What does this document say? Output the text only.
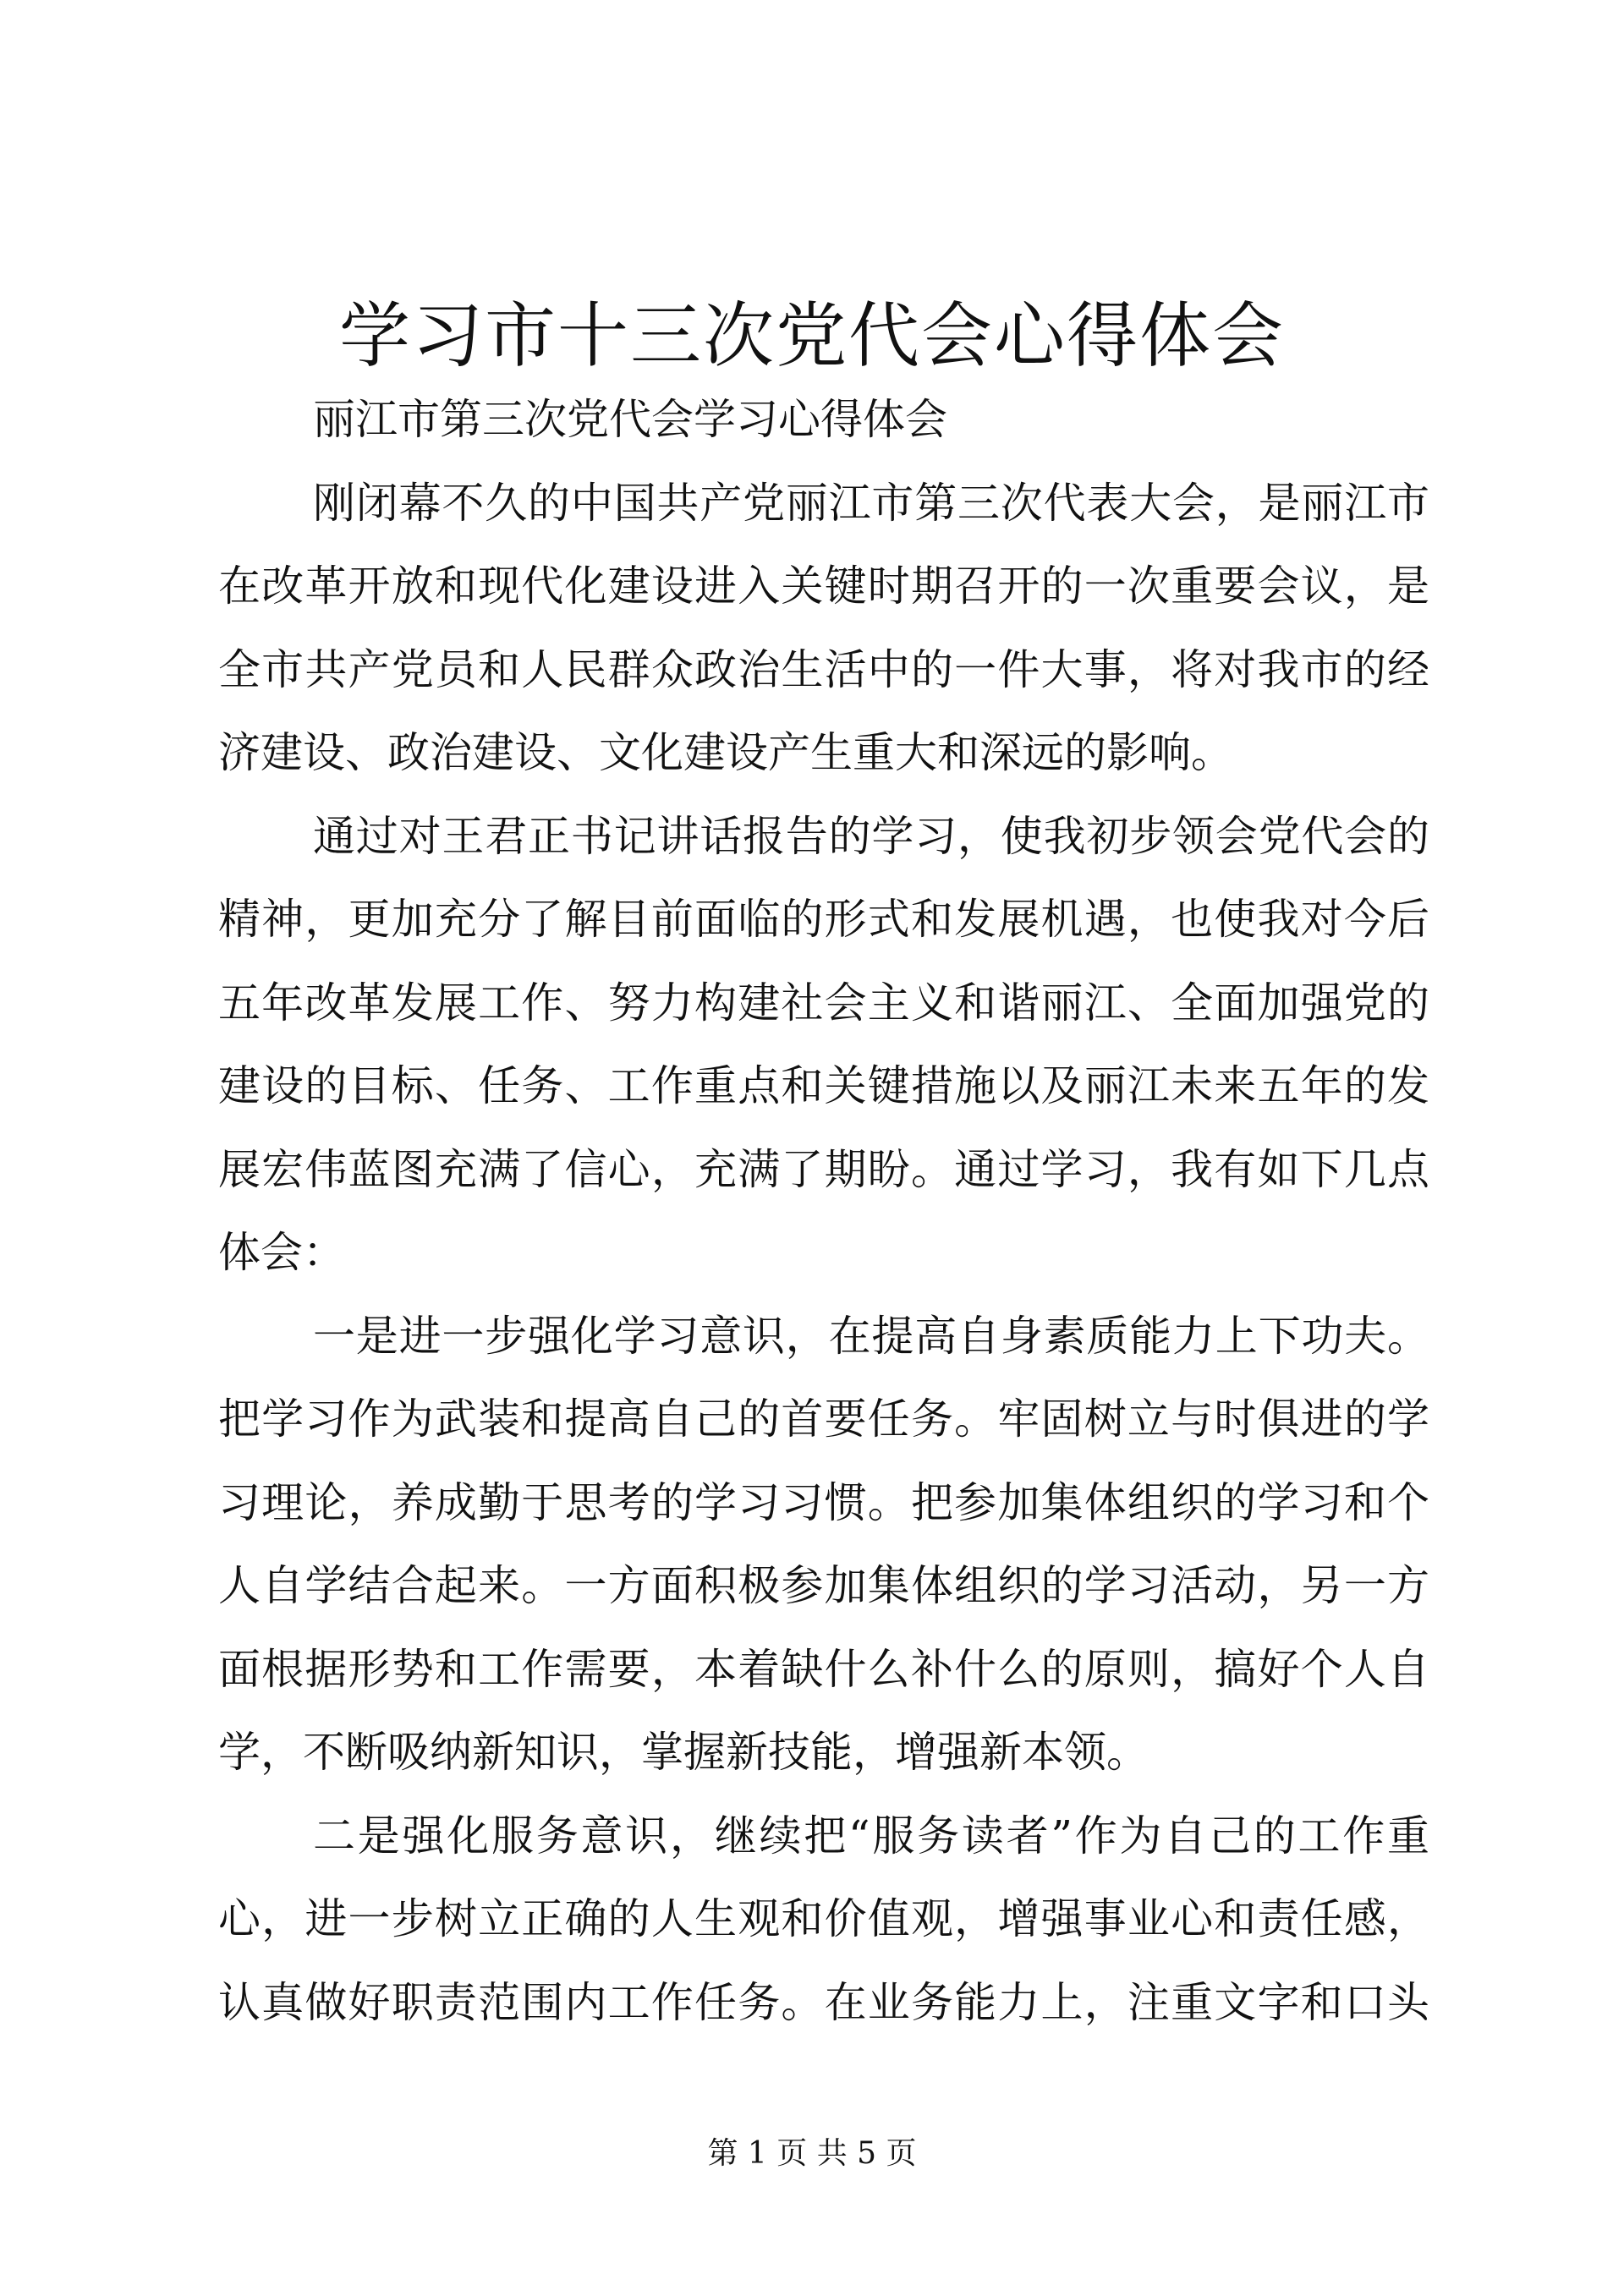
学习市十三次党代会心得体会
丽江市第三次党代会学习心得体会
刚闭幕不久的中国共产党丽江市第三次代表大会，是丽江市
在改革开放和现代化建设进入关键时期召开的一次重要会议，是
全市共产党员和人民群众政治生活中的一件大事，将对我市的经
济建设、政治建设、文化建设产生重大和深远的影响。
通过对王君正书记讲话报告的学习，使我初步领会党代会的
精神，更加充分了解目前面临的形式和发展机遇，也使我对今后
五年改革发展工作、努力构建社会主义和谐丽江、全面加强党的
建设的目标、任务、工作重点和关键措施以及丽江未来五年的发
展宏伟蓝图充满了信心，充满了期盼。通过学习，我有如下几点
体会：
一是进一步强化学习意识，在提高自身素质能力上下功夫。
把学习作为武装和提高自己的首要任务。牢固树立与时俱进的学
习理论，养成勤于思考的学习习惯。把参加集体组织的学习和个
人自学结合起来。一方面积极参加集体组织的学习活动，另一方
面根据形势和工作需要，本着缺什么补什么的原则，搞好个人自
学，不断吸纳新知识，掌握新技能，增强新本领。
二是强化服务意识，继续把“服务读者”作为自己的工作重
心，进一步树立正确的人生观和价值观，增强事业心和责任感，
认真做好职责范围内工作任务。在业务能力上，注重文字和口头
第 1 页 共 5 页
